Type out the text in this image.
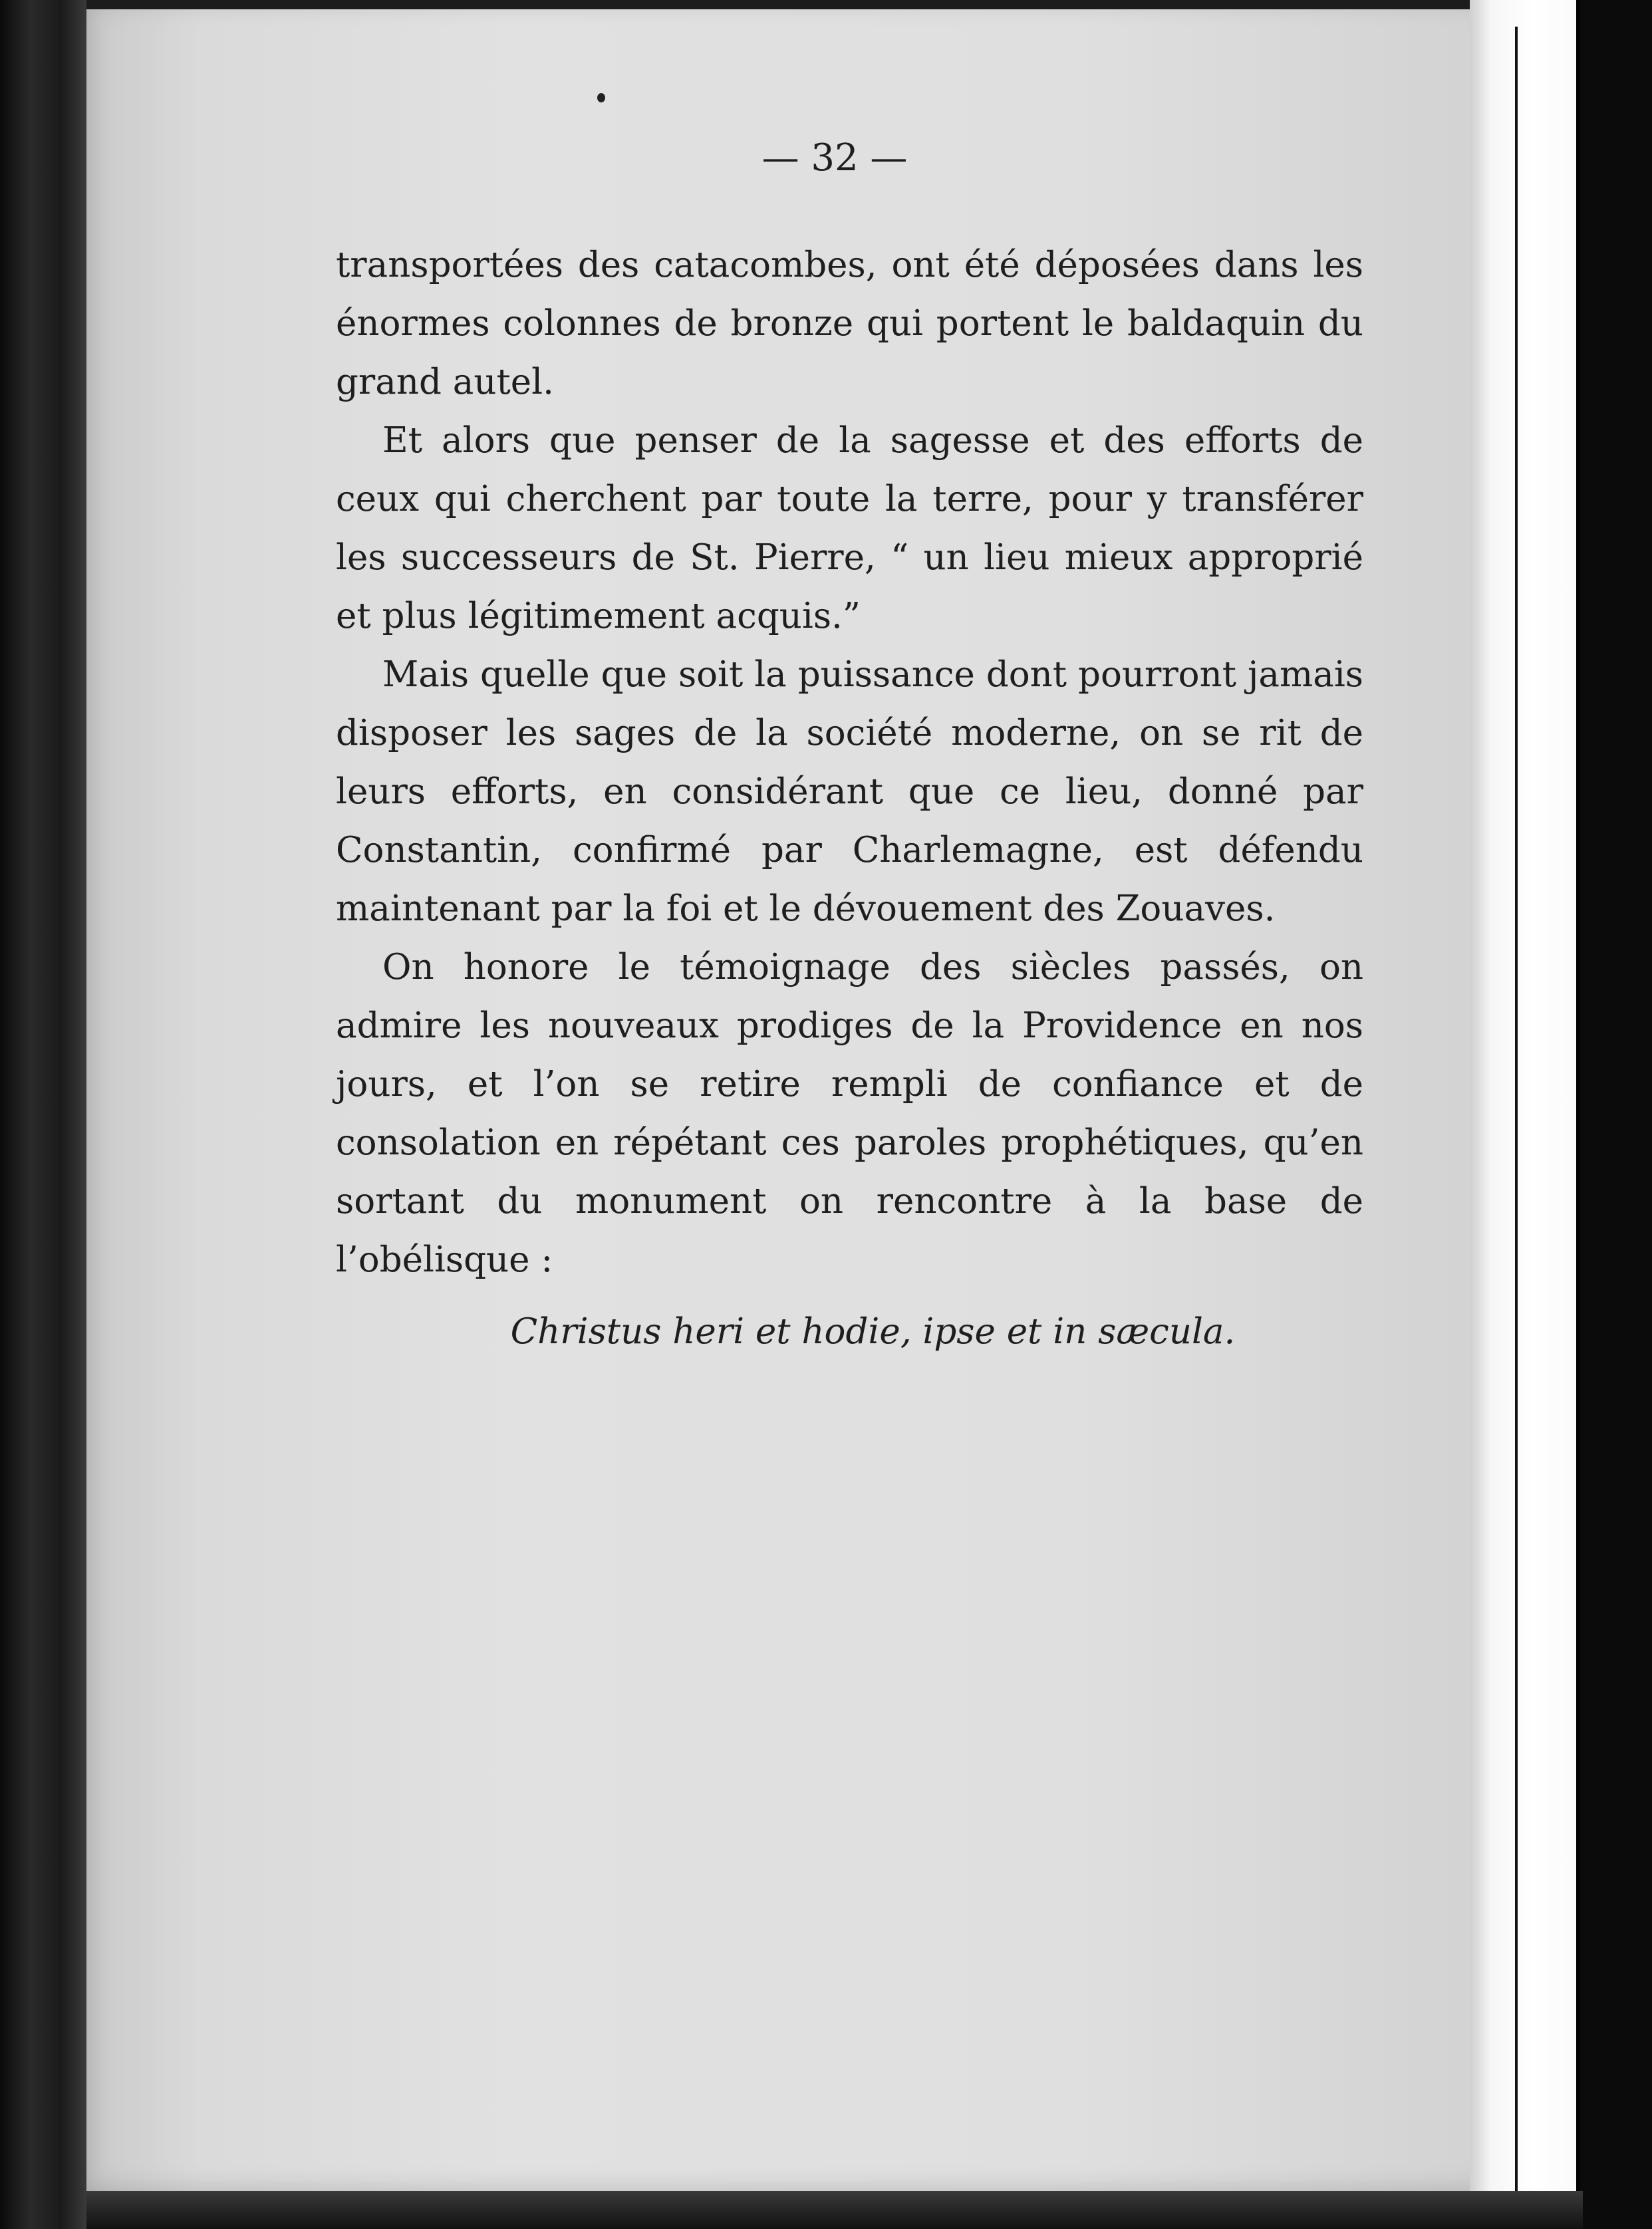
— 32 —

transportées des catacombes, ont été déposées dans les énormes colonnes de bronze qui portent le baldaquin du grand autel.

Et alors que penser de la sagesse et des efforts de ceux qui cherchent par toute la terre, pour y transférer les successeurs de St. Pierre, “ un lieu mieux approprié et plus légitimement acquis.”

Mais quelle que soit la puissance dont pourront jamais disposer les sages de la société moderne, on se rit de leurs efforts, en considérant que ce lieu, donné par Constantin, confirmé par Charlemagne, est défendu maintenant par la foi et le dévouement des Zouaves.

On honore le témoignage des siècles passés, on admire les nouveaux prodiges de la Providence en nos jours, et l’on se retire rempli de confiance et de consolation en répétant ces paroles prophétiques, qu’en sortant du monument on rencontre à la base de l’obélisque :

Christus heri et hodie, ipse et in sæcula.
